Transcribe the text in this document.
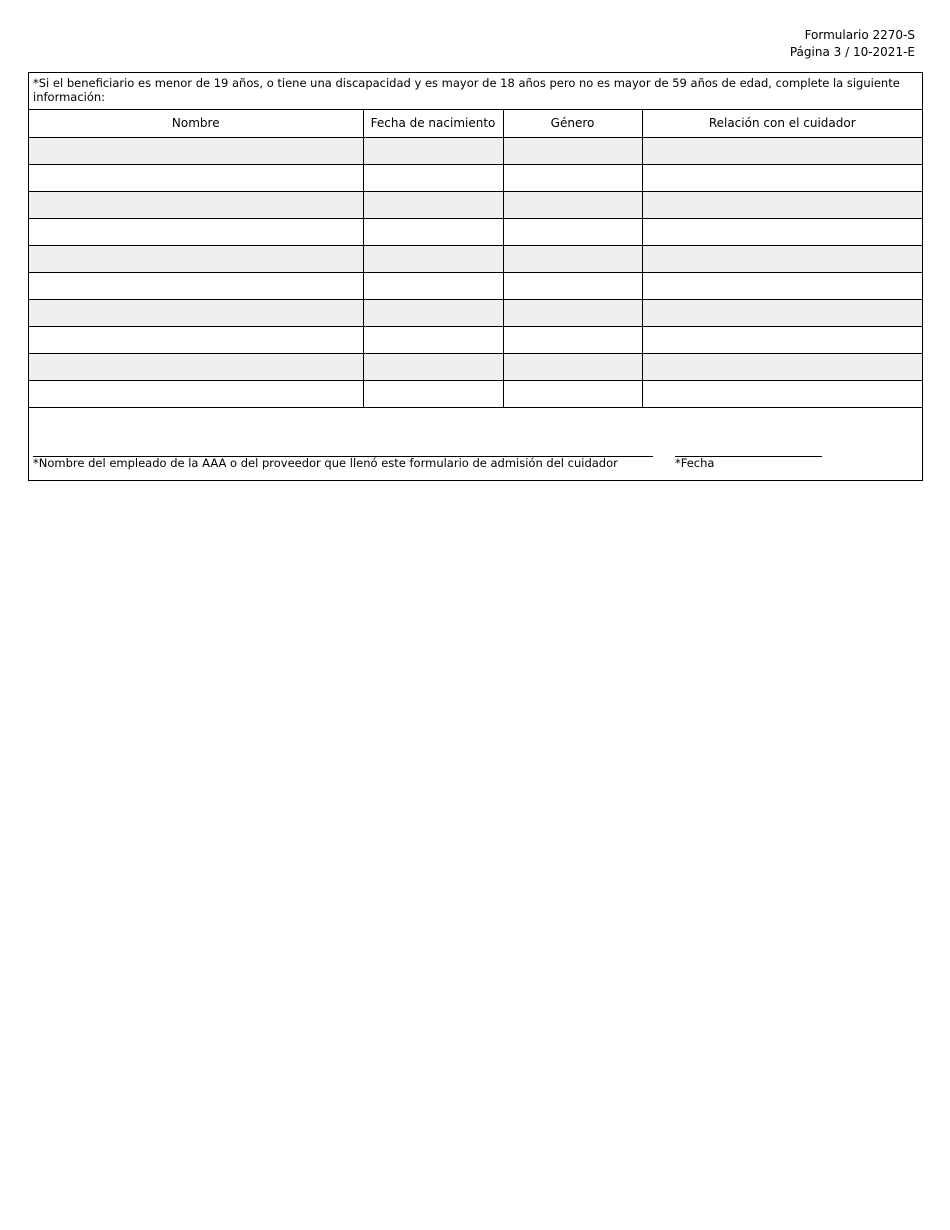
Formulario 2270-S
Página 3 / 10-2021-E
*Si el beneficiario es menor de 19 años, o tiene una discapacidad y es mayor de 18 años pero no es mayor de 59 años de edad, complete la siguiente información:
Nombre	Fecha de nacimiento	Género	Relación con el cuidador

*Nombre del empleado de la AAA o del proveedor que llenó este formulario de admisión del cuidador	*Fecha
